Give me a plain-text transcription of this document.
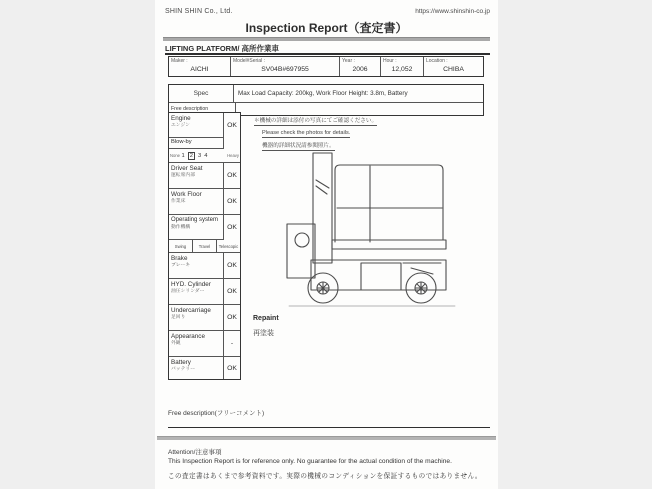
SHIN SHIN Co., Ltd.	https://www.shinshin-co.jp
Inspection Report（査定書）
LIFTING PLATFORM/ 高所作業車
Maker :
AICHI
Model#Serial :
SV04B#697955
Year :
2006
Hour :
12,052
Location :
CHIBA
Spec	Max Load Capacity: 200kg, Work Floor Height: 3.8m, Battery
Free description
Engine
エンジン	OK
Blow-by
None 1 2 3 4	Heavy
Driver Seat
運転席内部	OK
Work Floor
作業床	OK
Operating system
動作機構	OK
Swing	Travel	Telescopic
Brake
ブレーキ	OK
HYD. Cylinder
油圧シリンダー	OK
Undercarriage
足回り	OK
Appearance
外観	-
Battery
バッテリー	OK
＊機械の詳細は添付の写真にてご確認ください。
Please check the photos for details.
機器的詳細状況請参閲照片。
Repaint
再塗装
Free description(フリーコメント)
Attention/注意事項
This Inspection Report is for reference only. No guarantee for the actual condition of the machine.
この査定書はあくまで参考資料です。実際の機械のコンディションを保証するものではありません。
